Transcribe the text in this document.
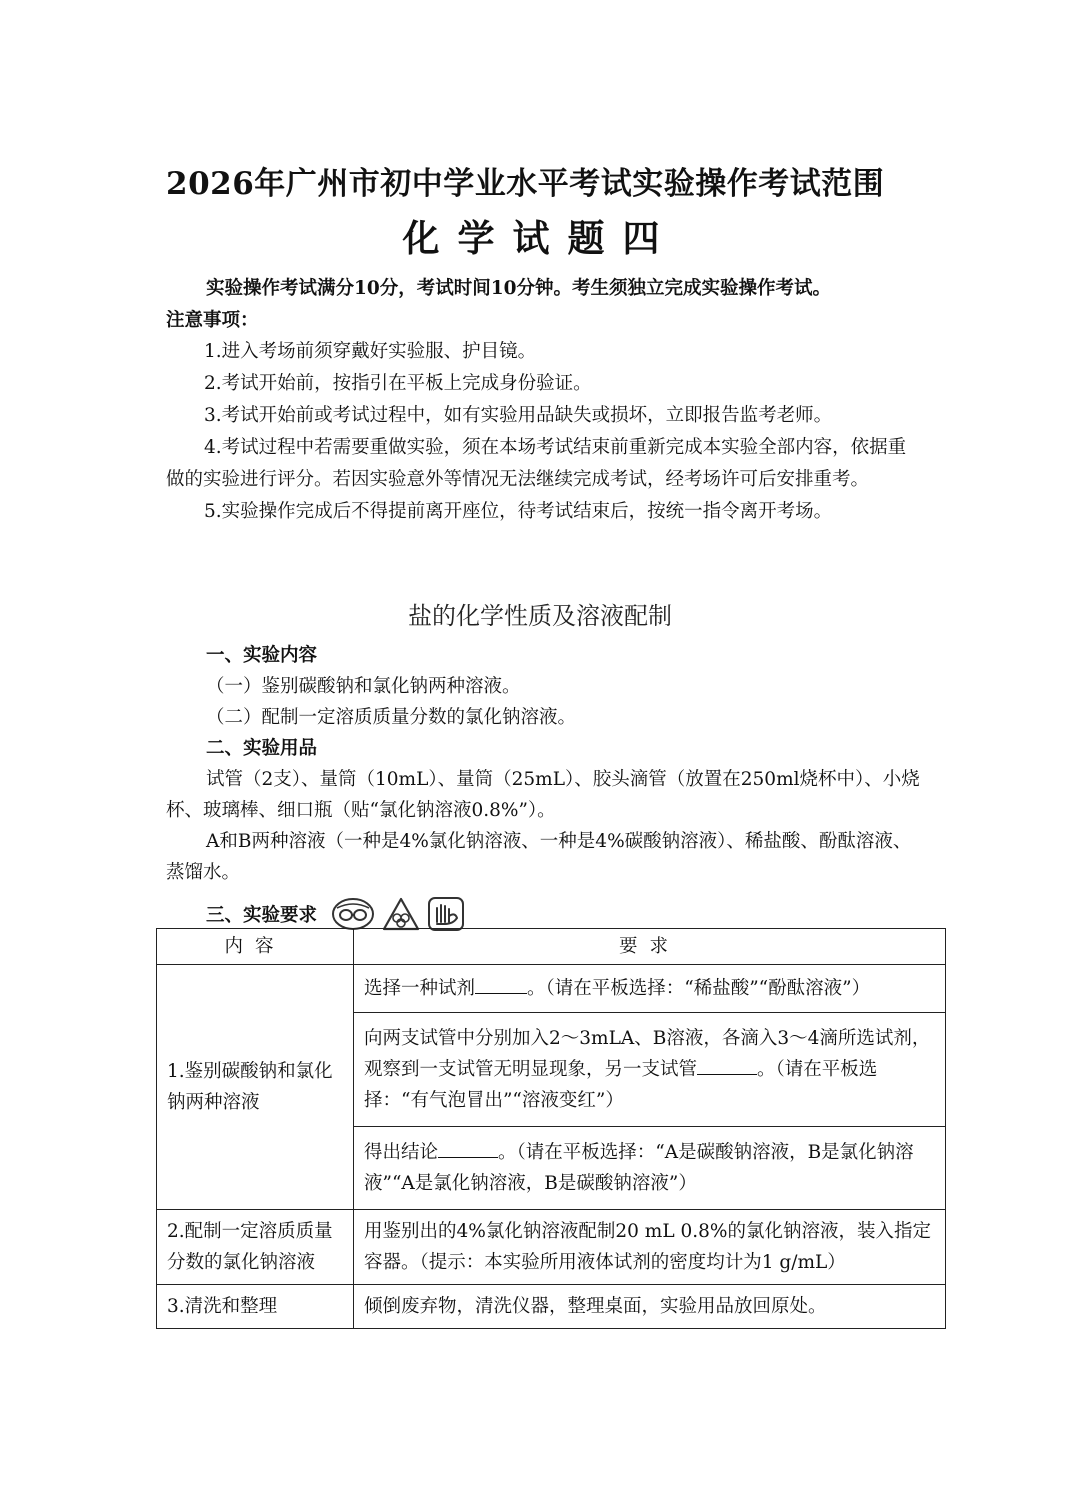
2026年广州市初中学业水平考试实验操作考试范围
化学试题四
实验操作考试满分10分，考试时间10分钟。考生须独立完成实验操作考试。
注意事项：
1.进入考场前须穿戴好实验服、护目镜。
2.考试开始前，按指引在平板上完成身份验证。
3.考试开始前或考试过程中，如有实验用品缺失或损坏，立即报告监考老师。
4.考试过程中若需要重做实验，须在本场考试结束前重新完成本实验全部内容，依据重做的实验进行评分。若因实验意外等情况无法继续完成考试，经考场许可后安排重考。
5.实验操作完成后不得提前离开座位，待考试结束后，按统一指令离开考场。
盐的化学性质及溶液配制
一、实验内容
（一）鉴别碳酸钠和氯化钠两种溶液。
（二）配制一定溶质质量分数的氯化钠溶液。
二、实验用品
试管（2支）、量筒（10mL）、量筒（25mL）、胶头滴管（放置在250ml烧杯中）、小烧杯、玻璃棒、细口瓶（贴“氯化钠溶液0.8%”）。
A和B两种溶液（一种是4%氯化钠溶液、一种是4%碳酸钠溶液）、稀盐酸、酚酞溶液、蒸馏水。
三、实验要求
内容	要求
1.鉴别碳酸钠和氯化钠两种溶液	选择一种试剂 。（请在平板选择：“稀盐酸”“酚酞溶液”）
	向两支试管中分别加入2～3mLA、B溶液，各滴入3～4滴所选试剂，观察到一支试管无明显现象，另一支试管 。（请在平板选择：“有气泡冒出”“溶液变红”）
	得出结论 。（请在平板选择：“A是碳酸钠溶液，B是氯化钠溶液”“A是氯化钠溶液，B是碳酸钠溶液”）
2.配制一定溶质质量分数的氯化钠溶液	用鉴别出的4%氯化钠溶液配制20 mL 0.8%的氯化钠溶液，装入指定容器。（提示：本实验所用液体试剂的密度均计为1 g/mL）
3.清洗和整理	倾倒废弃物，清洗仪器，整理桌面，实验用品放回原处。
